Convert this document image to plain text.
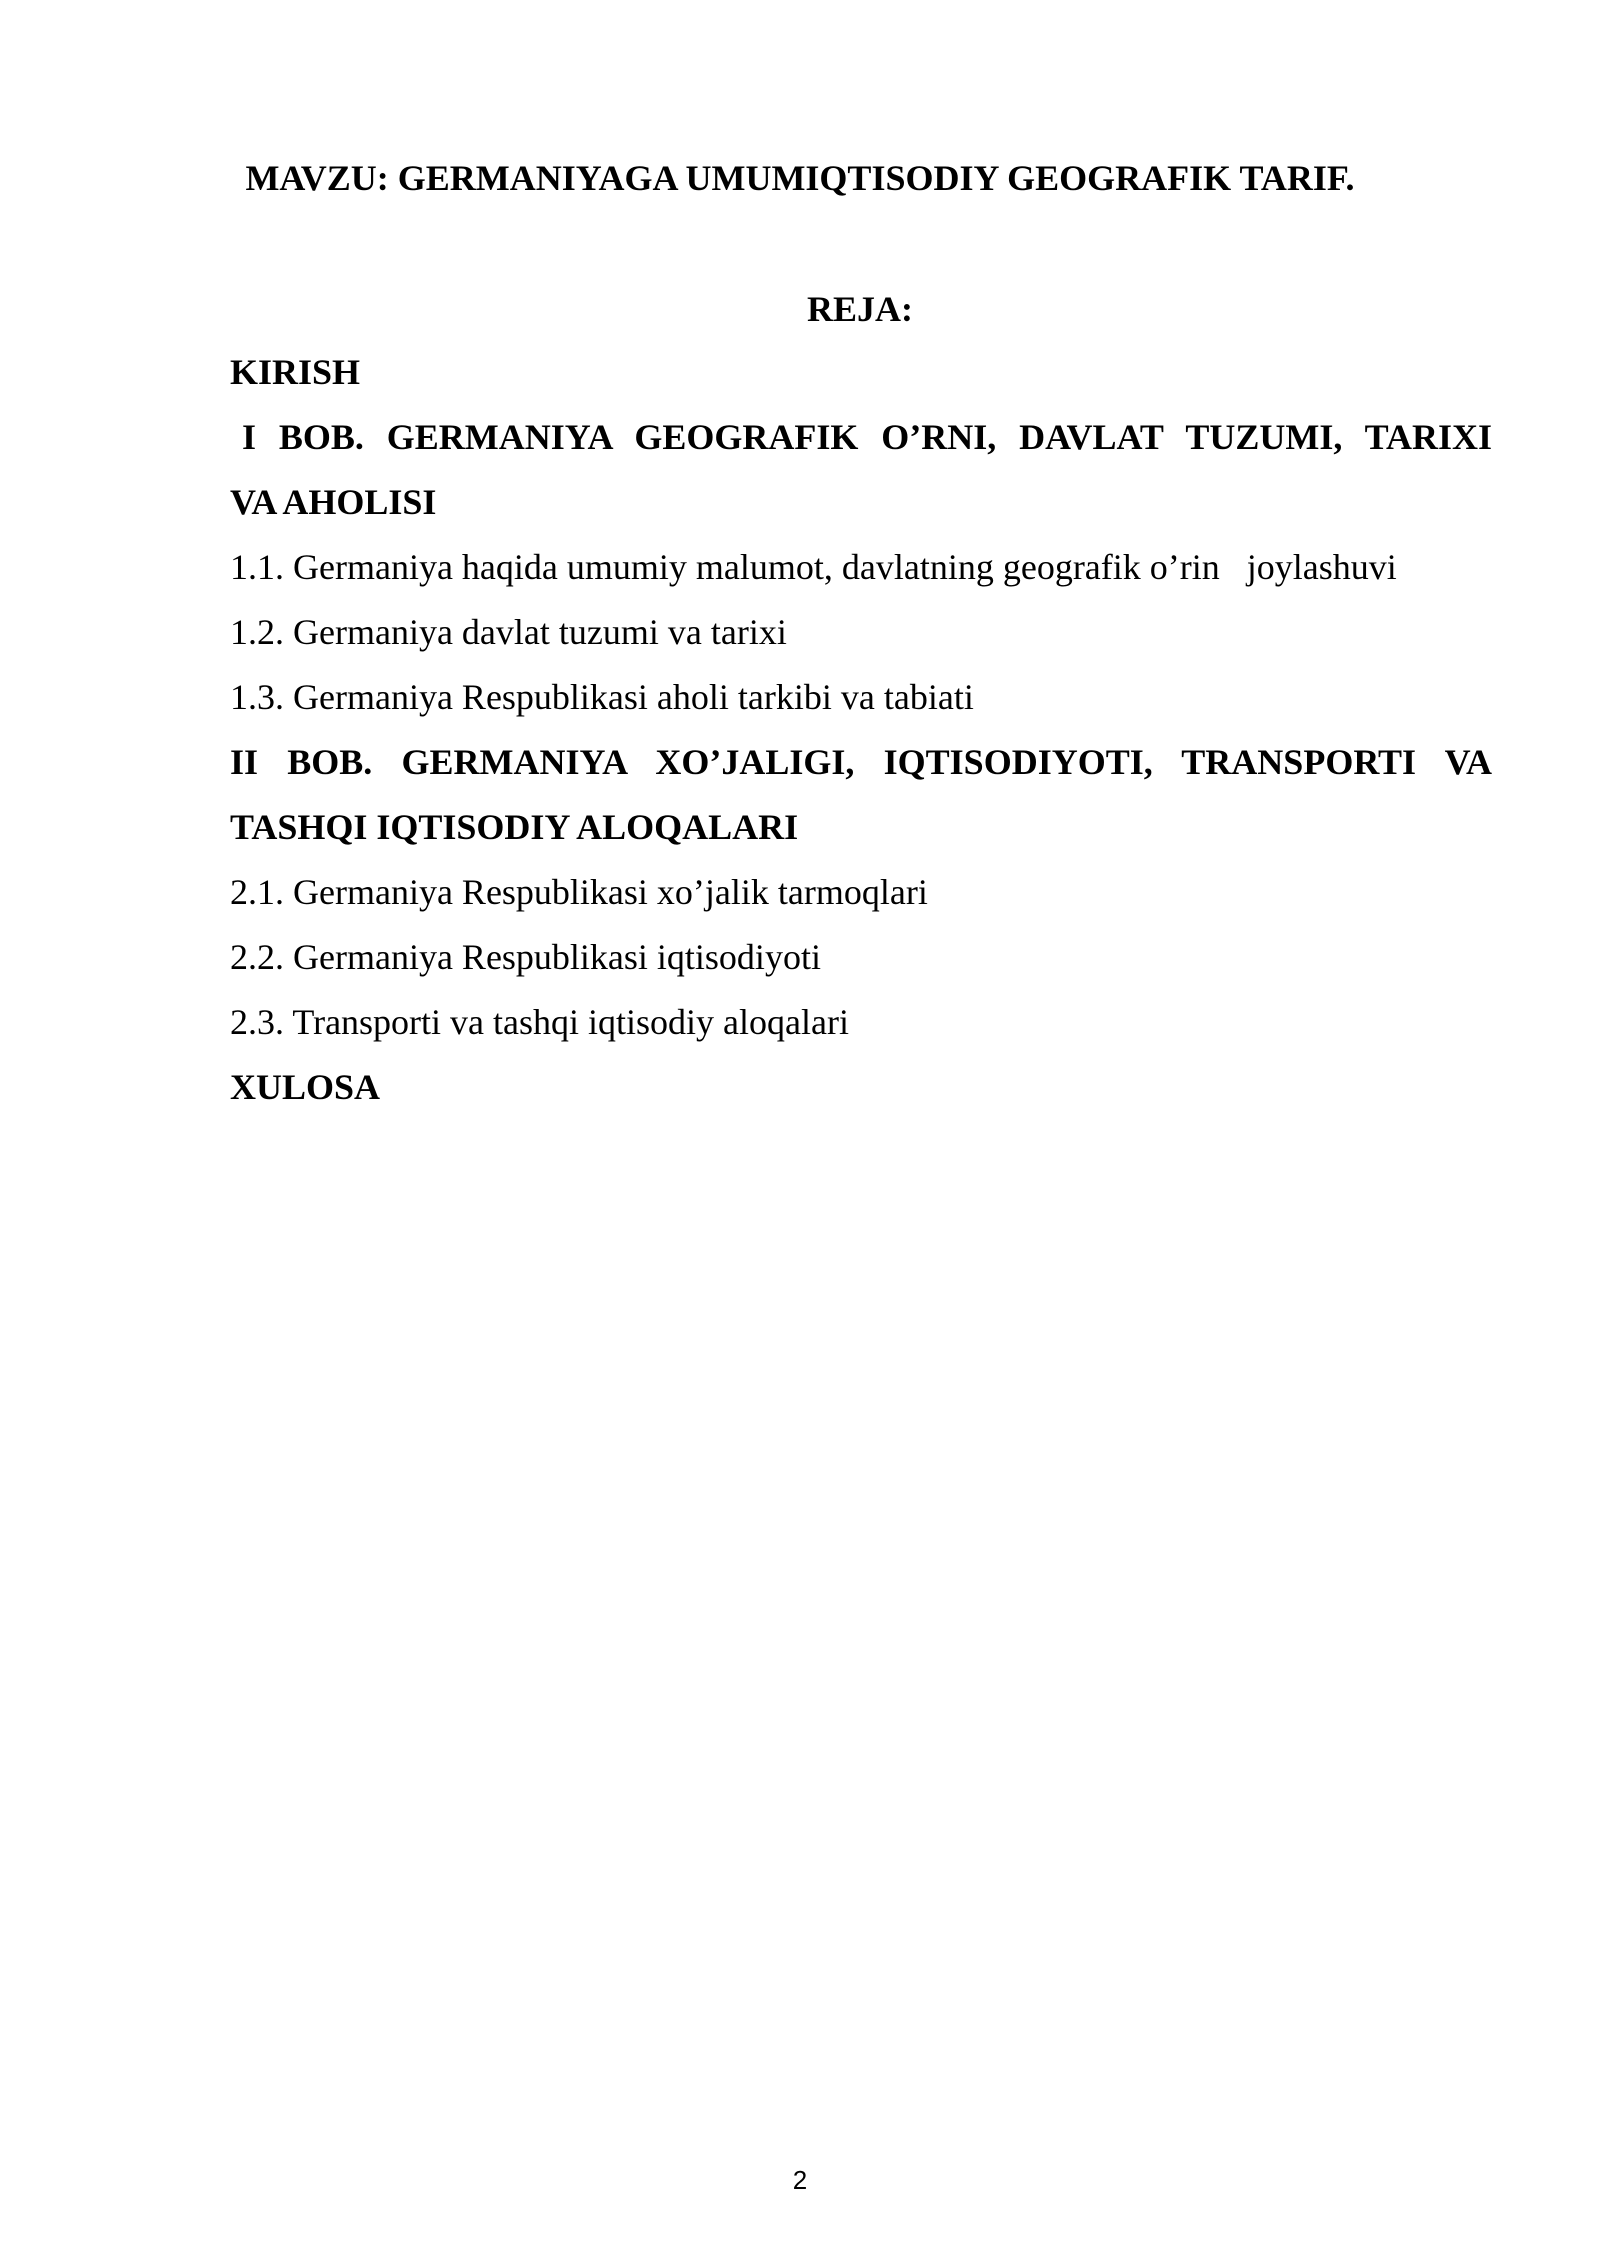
MAVZU: GERMANIYAGA UMUMIQTISODIY GEOGRAFIK TARIF.
REJA:
KIRISH
I BOB. GERMANIYA GEOGRAFIK O’RNI, DAVLAT TUZUMI, TARIXI
VA AHOLISI
1.1. Germaniya haqida umumiy malumot, davlatning geografik o’rin   joylashuvi
1.2. Germaniya davlat tuzumi va tarixi
1.3. Germaniya Respublikasi aholi tarkibi va tabiati
II BOB. GERMANIYA XO’JALIGI, IQTISODIYOTI, TRANSPORTI VA
TASHQI IQTISODIY ALOQALARI
2.1. Germaniya Respublikasi xo’jalik tarmoqlari
2.2. Germaniya Respublikasi iqtisodiyoti
2.3. Transporti va tashqi iqtisodiy aloqalari
XULOSA
2
